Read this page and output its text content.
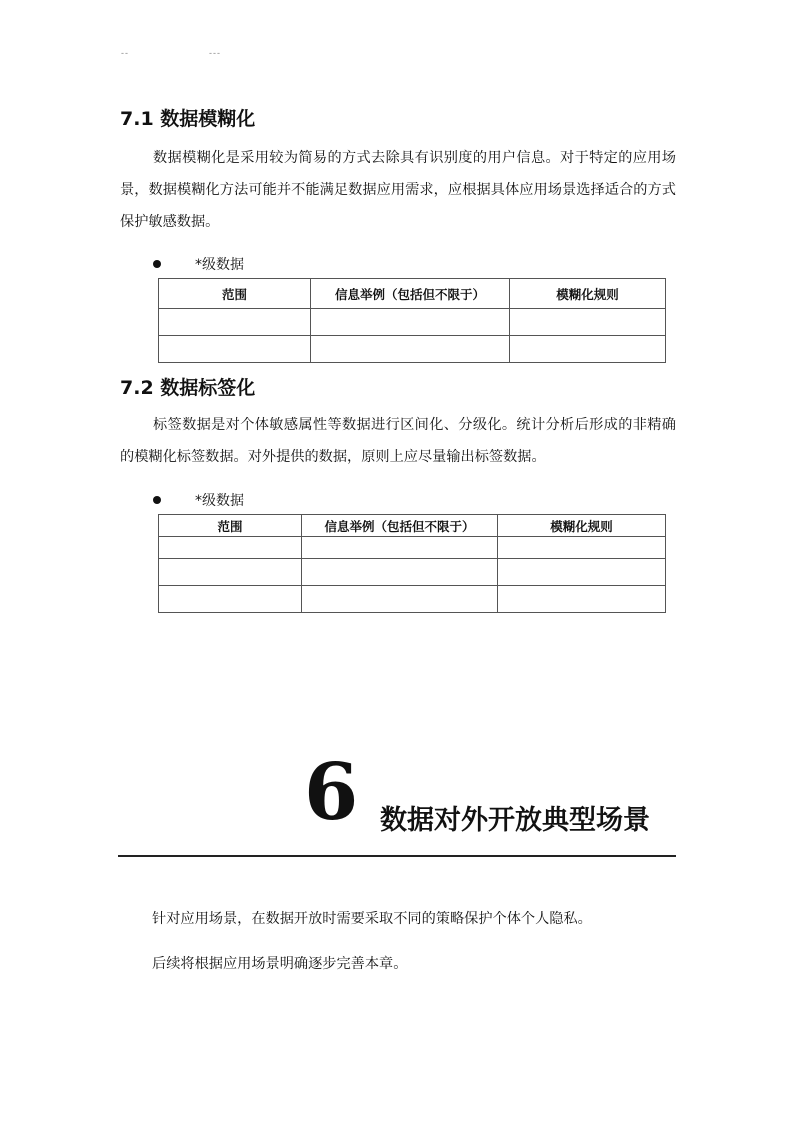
--	---
7.1 数据模糊化

数据模糊化是采用较为简易的方式去除具有识别度的用户信息。对于特定的应用场景，数据模糊化方法可能并不能满足数据应用需求，应根据具体应用场景选择适合的方式保护敏感数据。

*级数据
范围	信息举例（包括但不限于）	模糊化规则

7.2 数据标签化

标签数据是对个体敏感属性等数据进行区间化、分级化。统计分析后形成的非精确的模糊化标签数据。对外提供的数据，原则上应尽量输出标签数据。

*级数据
范围	信息举例（包括但不限于）	模糊化规则

6 数据对外开放典型场景

针对应用场景，在数据开放时需要采取不同的策略保护个体个人隐私。

后续将根据应用场景明确逐步完善本章。
